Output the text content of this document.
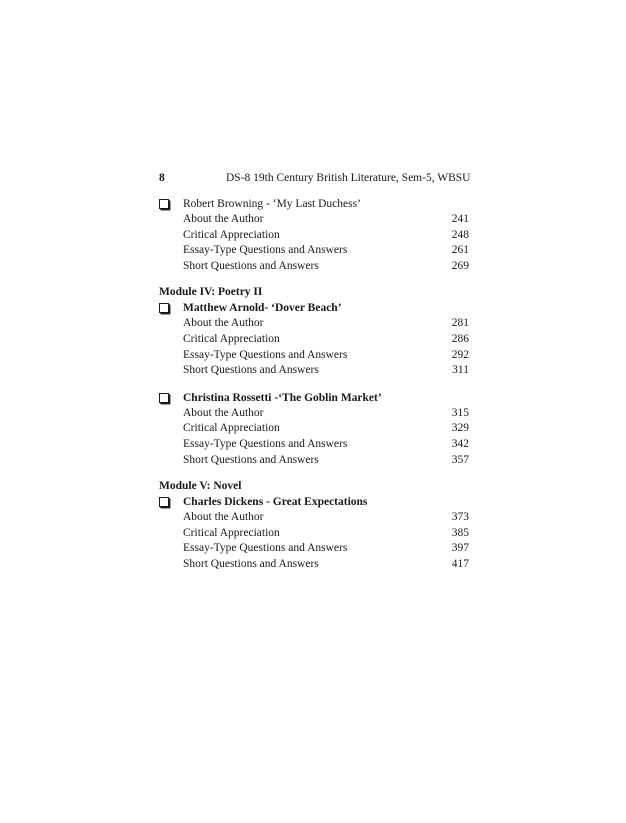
8	DS-8 19th Century British Literature, Sem-5, WBSU
Robert Browning - ‘My Last Duchess’
About the Author	241
Critical Appreciation	248
Essay-Type Questions and Answers	261
Short Questions and Answers	269
Module IV: Poetry II
Matthew Arnold- ‘Dover Beach’
About the Author	281
Critical Appreciation	286
Essay-Type Questions and Answers	292
Short Questions and Answers	311
Christina Rossetti -‘The Goblin Market’
About the Author	315
Critical Appreciation	329
Essay-Type Questions and Answers	342
Short Questions and Answers	357
Module V: Novel
Charles Dickens - Great Expectations
About the Author	373
Critical Appreciation	385
Essay-Type Questions and Answers	397
Short Questions and Answers	417
